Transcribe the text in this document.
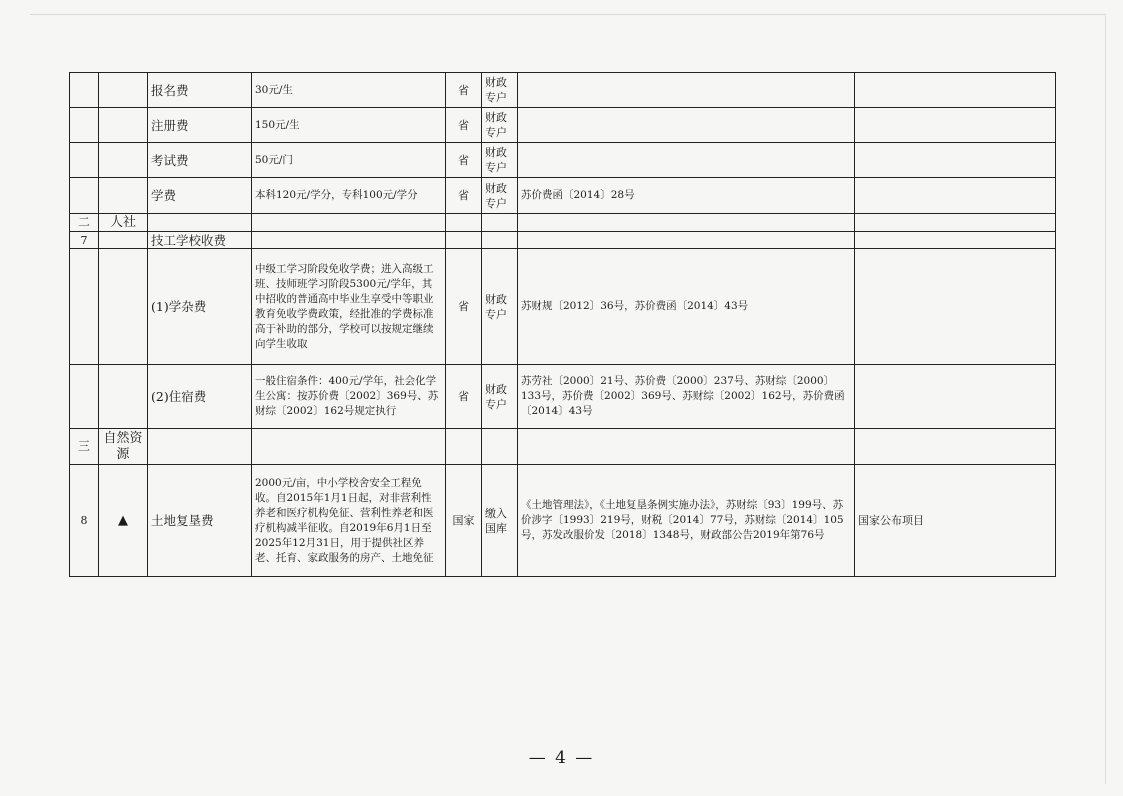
		报名费	30元/生	省	财政专户		
		注册费	150元/生	省	财政专户		
		考试费	50元/门	省	财政专户		
		学费	本科120元/学分，专科100元/学分	省	财政专户	苏价费函〔2014〕28号	
二	人社						
7		技工学校收费					
		(1)学杂费	中级工学习阶段免收学费；进入高级工班、技师班学习阶段5300元/学年，其中招收的普通高中毕业生享受中等职业教育免收学费政策，经批准的学费标准高于补助的部分，学校可以按规定继续向学生收取	省	财政专户	苏财规〔2012〕36号，苏价费函〔2014〕43号	
		(2)住宿费	一般住宿条件：400元/学年，社会化学生公寓：按苏价费〔2002〕369号、苏财综〔2002〕162号规定执行	省	财政专户	苏劳社〔2000〕21号、苏价费〔2000〕237号、苏财综〔2000〕133号，苏价费〔2002〕369号、苏财综〔2002〕162号，苏价费函〔2014〕43号	
三	自然资源						
8	▲	土地复垦费	2000元/亩，中小学校舍安全工程免收。自2015年1月1日起，对非营利性养老和医疗机构免征、营利性养老和医疗机构减半征收。自2019年6月1日至2025年12月31日，用于提供社区养老、托育、家政服务的房产、土地免征	国家	缴入国库	《土地管理法》，《土地复垦条例实施办法》，苏财综〔93〕199号、苏价涉字〔1993〕219号，财税〔2014〕77号，苏财综〔2014〕105号，苏发改服价发〔2018〕1348号，财政部公告2019年第76号	国家公布项目
— 4 —
